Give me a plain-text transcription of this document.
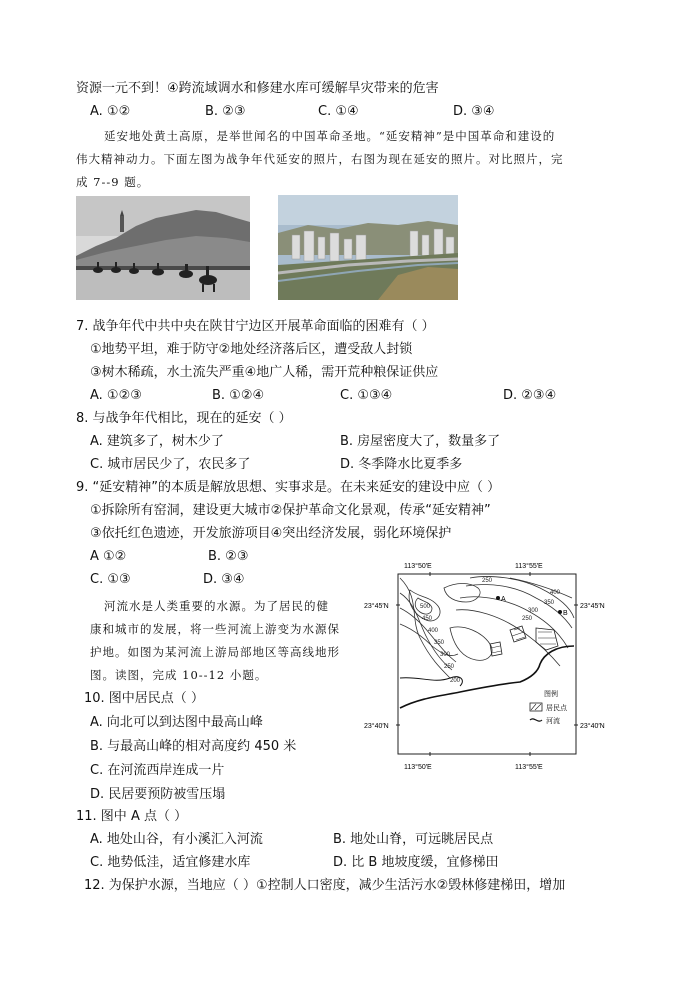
资源一元不到！④跨流域调水和修建水库可缓解旱灾带来的危害
A. ①②	B. ②③	C. ①④	D. ③④
延安地处黄土高原，是举世闻名的中国革命圣地。“延安精神”是中国革命和建设的
伟大精神动力。下面左图为战争年代延安的照片，右图为现在延安的照片。对比照片，完
成 7--9 题。
7. 战争年代中共中央在陕甘宁边区开展革命面临的困难有（ ）
①地势平坦，难于防守②地处经济落后区，遭受敌人封锁
③树木稀疏，水土流失严重④地广人稀，需开荒种粮保证供应
A. ①②③	B. ①②④	C. ①③④	D. ②③④
8. 与战争年代相比，现在的延安（ ）
A. 建筑多了，树木少了	B. 房屋密度大了，数量多了
C. 城市居民少了，农民多了	D. 冬季降水比夏季多
9. “延安精神”的本质是解放思想、实事求是。在未来延安的建设中应（ ）
①拆除所有窑洞，建设更大城市②保护革命文化景观，传承“延安精神”
③依托红色遗迹，开发旅游项目④突出经济发展，弱化环境保护
A ①②	B. ②③
C. ①③	D. ③④
河流水是人类重要的水源。为了居民的健
康和城市的发展，将一些河流上游变为水源保
护地。如图为某河流上游局部地区等高线地形
图。读图，完成 10--12 小题。
10. 图中居民点（ ）
A. 向北可以到达图中最高山峰
B. 与最高山峰的相对高度约 450 米
C. 在河流西岸连成一片
D. 民居要预防被雪压塌
11. 图中 A 点（ ）
A. 地处山谷，有小溪汇入河流	B. 地处山脊，可远眺居民点
C. 地势低洼，适宜修建水库	D. 比 B 地坡度缓，宜修梯田
12. 为保护水源，当地应（ ）①控制人口密度，减少生活污水②毁林修建梯田，增加
113°50′E	113°55′E
113°50′E	113°55′E
23°45′N	23°45′N
23°40′N	23°40′N
A
B
250
400
350
300
250
500
450
400
350
300
250
200
图例
居民点
河流
